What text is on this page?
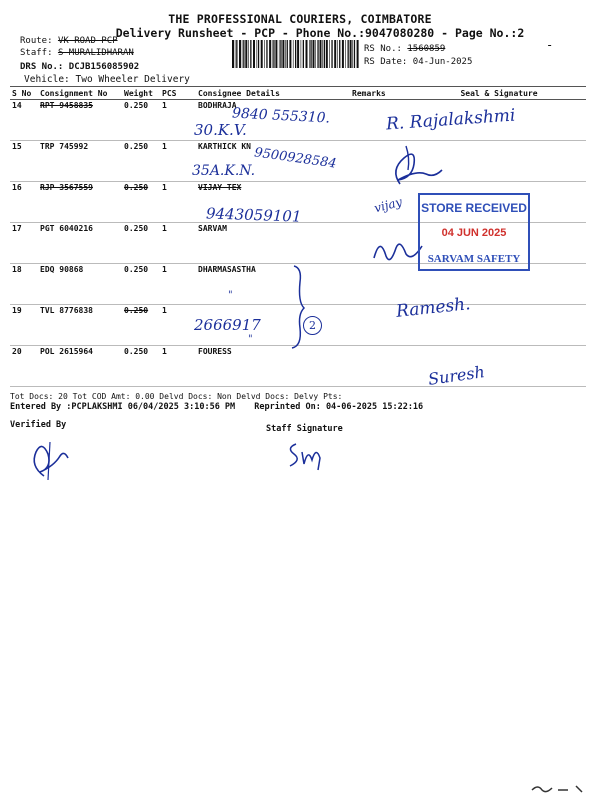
THE PROFESSIONAL COURIERS, COIMBATORE
Delivery Runsheet - PCP - Phone No.:9047080280 - Page No.:2
Route: VK ROAD PCP
Staff: S MURALIDHARAN
DRS No.: DCJB156085902
Vehicle: Two Wheeler Delivery
RS No.: 1560859
RS Date: 04-Jun-2025
-
S No	Consignment No	Weight	PCS	Consignee Details	Remarks	Seal & Signature
14	RPT 9458835	0.250	1	BODHRAJA		
15	TRP 745992	0.250	1	KARTHICK KN		
16	RJP 3567559	0.250	1	VIJAY TEX		
17	PGT 6040216	0.250	1	SARVAM		
18	EDQ 90868	0.250	1	DHARMASASTHA		
19	TVL 8776838	0.250	1			
20	POL 2615964	0.250	1	FOURESS		
9840 555310.
30.K.V.
9500928584
35A.K.N.
9443059101
"
2666917
"
2
R. Rajalakshmi
vijay
Ramesh.
Suresh
STORE RECEIVED
04 JUN 2025
SARVAM SAFETY
Tot Docs: 20 Tot COD Amt: 0.00 Delvd Docs: Non Delvd Docs: Delvy Pts:
Entered By :PCPLAKSHMI 06/04/2025 3:10:56 PM Reprinted On: 04-06-2025 15:22:16
Verified By	Staff Signature
